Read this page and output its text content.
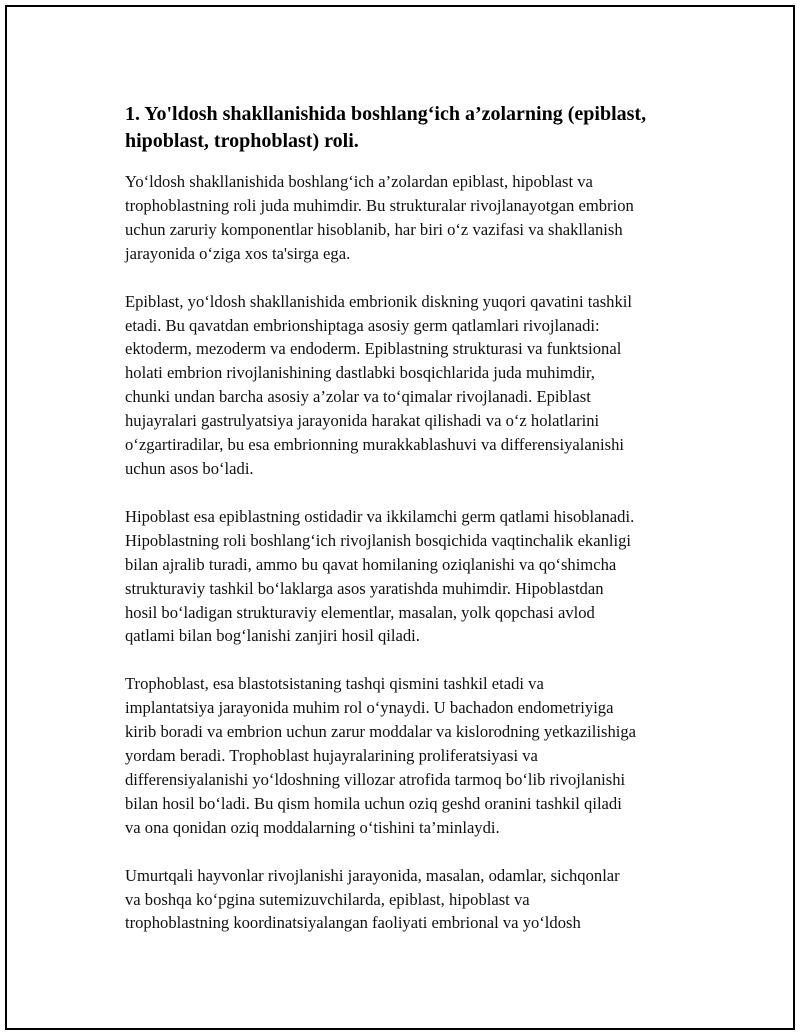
1. Yo'ldosh shakllanishida boshlang‘ich a’zolarning (epiblast,
hipoblast, trophoblast) roli.

Yo‘ldosh shakllanishida boshlang‘ich a’zolardan epiblast, hipoblast va
trophoblastning roli juda muhimdir. Bu strukturalar rivojlanayotgan embrion
uchun zaruriy komponentlar hisoblanib, har biri o‘z vazifasi va shakllanish
jarayonida o‘ziga xos ta'sirga ega.

Epiblast, yo‘ldosh shakllanishida embrionik diskning yuqori qavatini tashkil
etadi. Bu qavatdan embrionshiptaga asosiy germ qatlamlari rivojlanadi:
ektoderm, mezoderm va endoderm. Epiblastning strukturasi va funktsional
holati embrion rivojlanishining dastlabki bosqichlarida juda muhimdir,
chunki undan barcha asosiy a’zolar va to‘qimalar rivojlanadi. Epiblast
hujayralari gastrulyatsiya jarayonida harakat qilishadi va o‘z holatlarini
o‘zgartiradilar, bu esa embrionning murakkablashuvi va differensiyalanishi
uchun asos bo‘ladi.

Hipoblast esa epiblastning ostidadir va ikkilamchi germ qatlami hisoblanadi.
Hipoblastning roli boshlang‘ich rivojlanish bosqichida vaqtinchalik ekanligi
bilan ajralib turadi, ammo bu qavat homilaning oziqlanishi va qo‘shimcha
strukturaviy tashkil bo‘laklarga asos yaratishda muhimdir. Hipoblastdan
hosil bo‘ladigan strukturaviy elementlar, masalan, yolk qopchasi avlod
qatlami bilan bog‘lanishi zanjiri hosil qiladi.

Trophoblast, esa blastotsistaning tashqi qismini tashkil etadi va
implantatsiya jarayonida muhim rol o‘ynaydi. U bachadon endometriyiga
kirib boradi va embrion uchun zarur moddalar va kislorodning yetkazilishiga
yordam beradi. Trophoblast hujayralarining proliferatsiyasi va
differensiyalanishi yo‘ldoshning villozar atrofida tarmoq bo‘lib rivojlanishi
bilan hosil bo‘ladi. Bu qism homila uchun oziq geshd oranini tashkil qiladi
va ona qonidan oziq moddalarning o‘tishini ta’minlaydi.

Umurtqali hayvonlar rivojlanishi jarayonida, masalan, odamlar, sichqonlar
va boshqa ko‘pgina sutemizuvchilarda, epiblast, hipoblast va
trophoblastning koordinatsiyalangan faoliyati embrional va yo‘ldosh
